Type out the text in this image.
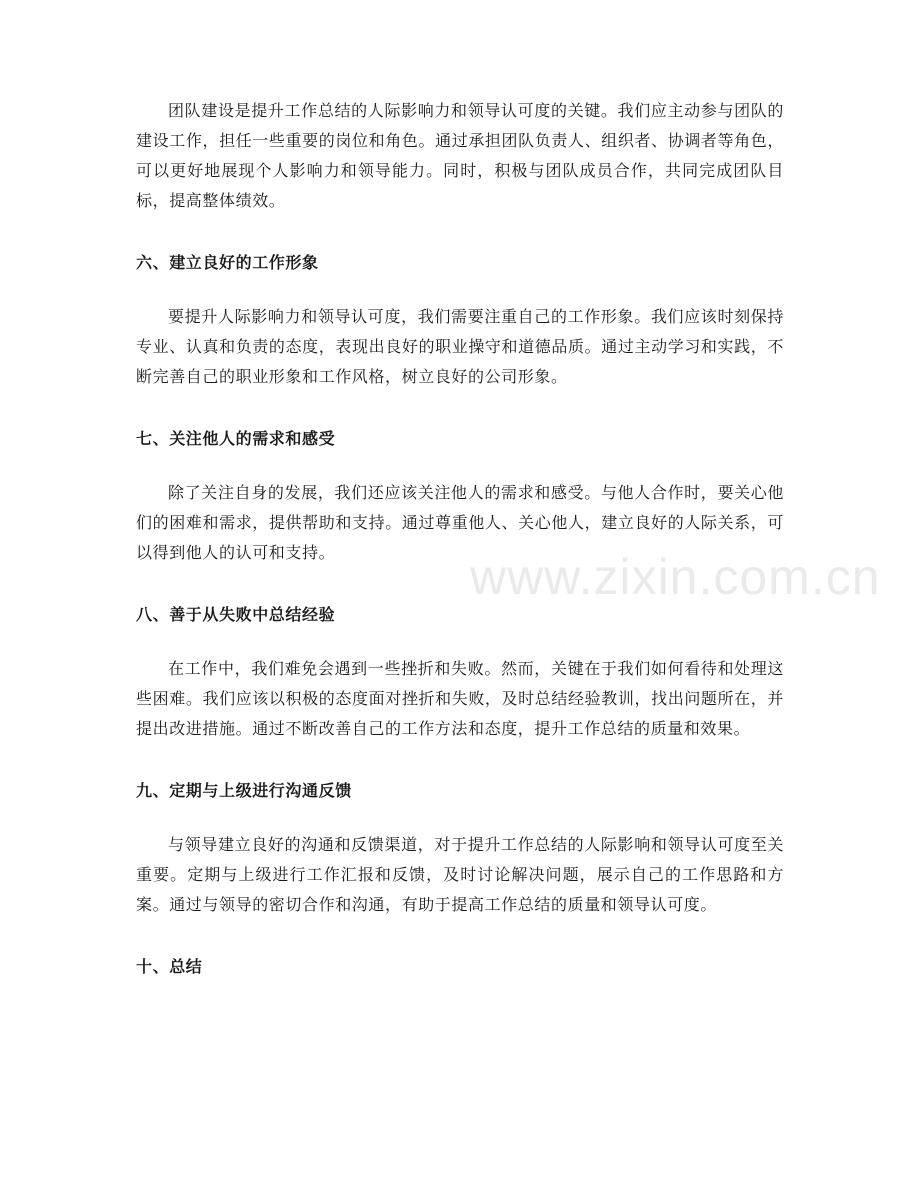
团队建设是提升工作总结的人际影响力和领导认可度的关键。我们应主动参与团队的建设工作，担任一些重要的岗位和角色。通过承担团队负责人、组织者、协调者等角色，可以更好地展现个人影响力和领导能力。同时，积极与团队成员合作，共同完成团队目标，提高整体绩效。

六、建立良好的工作形象

要提升人际影响力和领导认可度，我们需要注重自己的工作形象。我们应该时刻保持专业、认真和负责的态度，表现出良好的职业操守和道德品质。通过主动学习和实践，不断完善自己的职业形象和工作风格，树立良好的公司形象。

七、关注他人的需求和感受

除了关注自身的发展，我们还应该关注他人的需求和感受。与他人合作时，要关心他们的困难和需求，提供帮助和支持。通过尊重他人、关心他人，建立良好的人际关系，可以得到他人的认可和支持。

八、善于从失败中总结经验

在工作中，我们难免会遇到一些挫折和失败。然而，关键在于我们如何看待和处理这些困难。我们应该以积极的态度面对挫折和失败，及时总结经验教训，找出问题所在，并提出改进措施。通过不断改善自己的工作方法和态度，提升工作总结的质量和效果。

九、定期与上级进行沟通反馈

与领导建立良好的沟通和反馈渠道，对于提升工作总结的人际影响和领导认可度至关重要。定期与上级进行工作汇报和反馈，及时讨论解决问题，展示自己的工作思路和方案。通过与领导的密切合作和沟通，有助于提高工作总结的质量和领导认可度。

十、总结
www.zixin.com.cn
